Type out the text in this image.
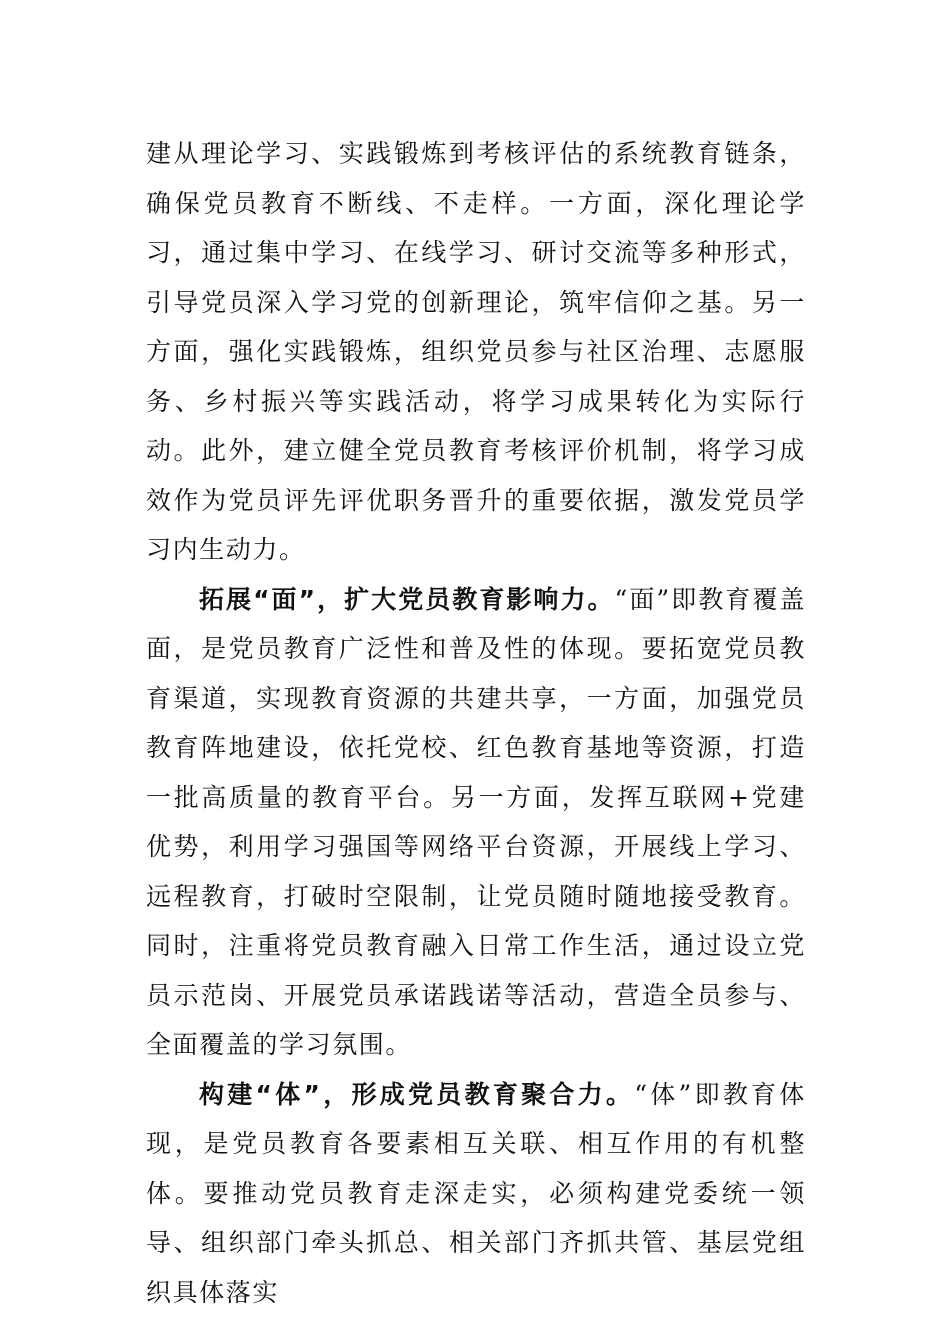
建从理论学习、实践锻炼到考核评估的系统教育链条，确保党员教育不断线、不走样。一方面，深化理论学习，通过集中学习、在线学习、研讨交流等多种形式，引导党员深入学习党的创新理论，筑牢信仰之基。另一方面，强化实践锻炼，组织党员参与社区治理、志愿服务、乡村振兴等实践活动，将学习成果转化为实际行动。此外，建立健全党员教育考核评价机制，将学习成效作为党员评先评优职务晋升的重要依据，激发党员学习内生动力。

拓展“面”，扩大党员教育影响力。“面”即教育覆盖面，是党员教育广泛性和普及性的体现。要拓宽党员教育渠道，实现教育资源的共建共享，一方面，加强党员教育阵地建设，依托党校、红色教育基地等资源，打造一批高质量的教育平台。另一方面，发挥互联网+党建优势，利用学习强国等网络平台资源，开展线上学习、远程教育，打破时空限制，让党员随时随地接受教育。同时，注重将党员教育融入日常工作生活，通过设立党员示范岗、开展党员承诺践诺等活动，营造全员参与、全面覆盖的学习氛围。

构建“体”，形成党员教育聚合力。“体”即教育体现，是党员教育各要素相互关联、相互作用的有机整体。要推动党员教育走深走实，必须构建党委统一领导、组织部门牵头抓总、相关部门齐抓共管、基层党组织具体落实
